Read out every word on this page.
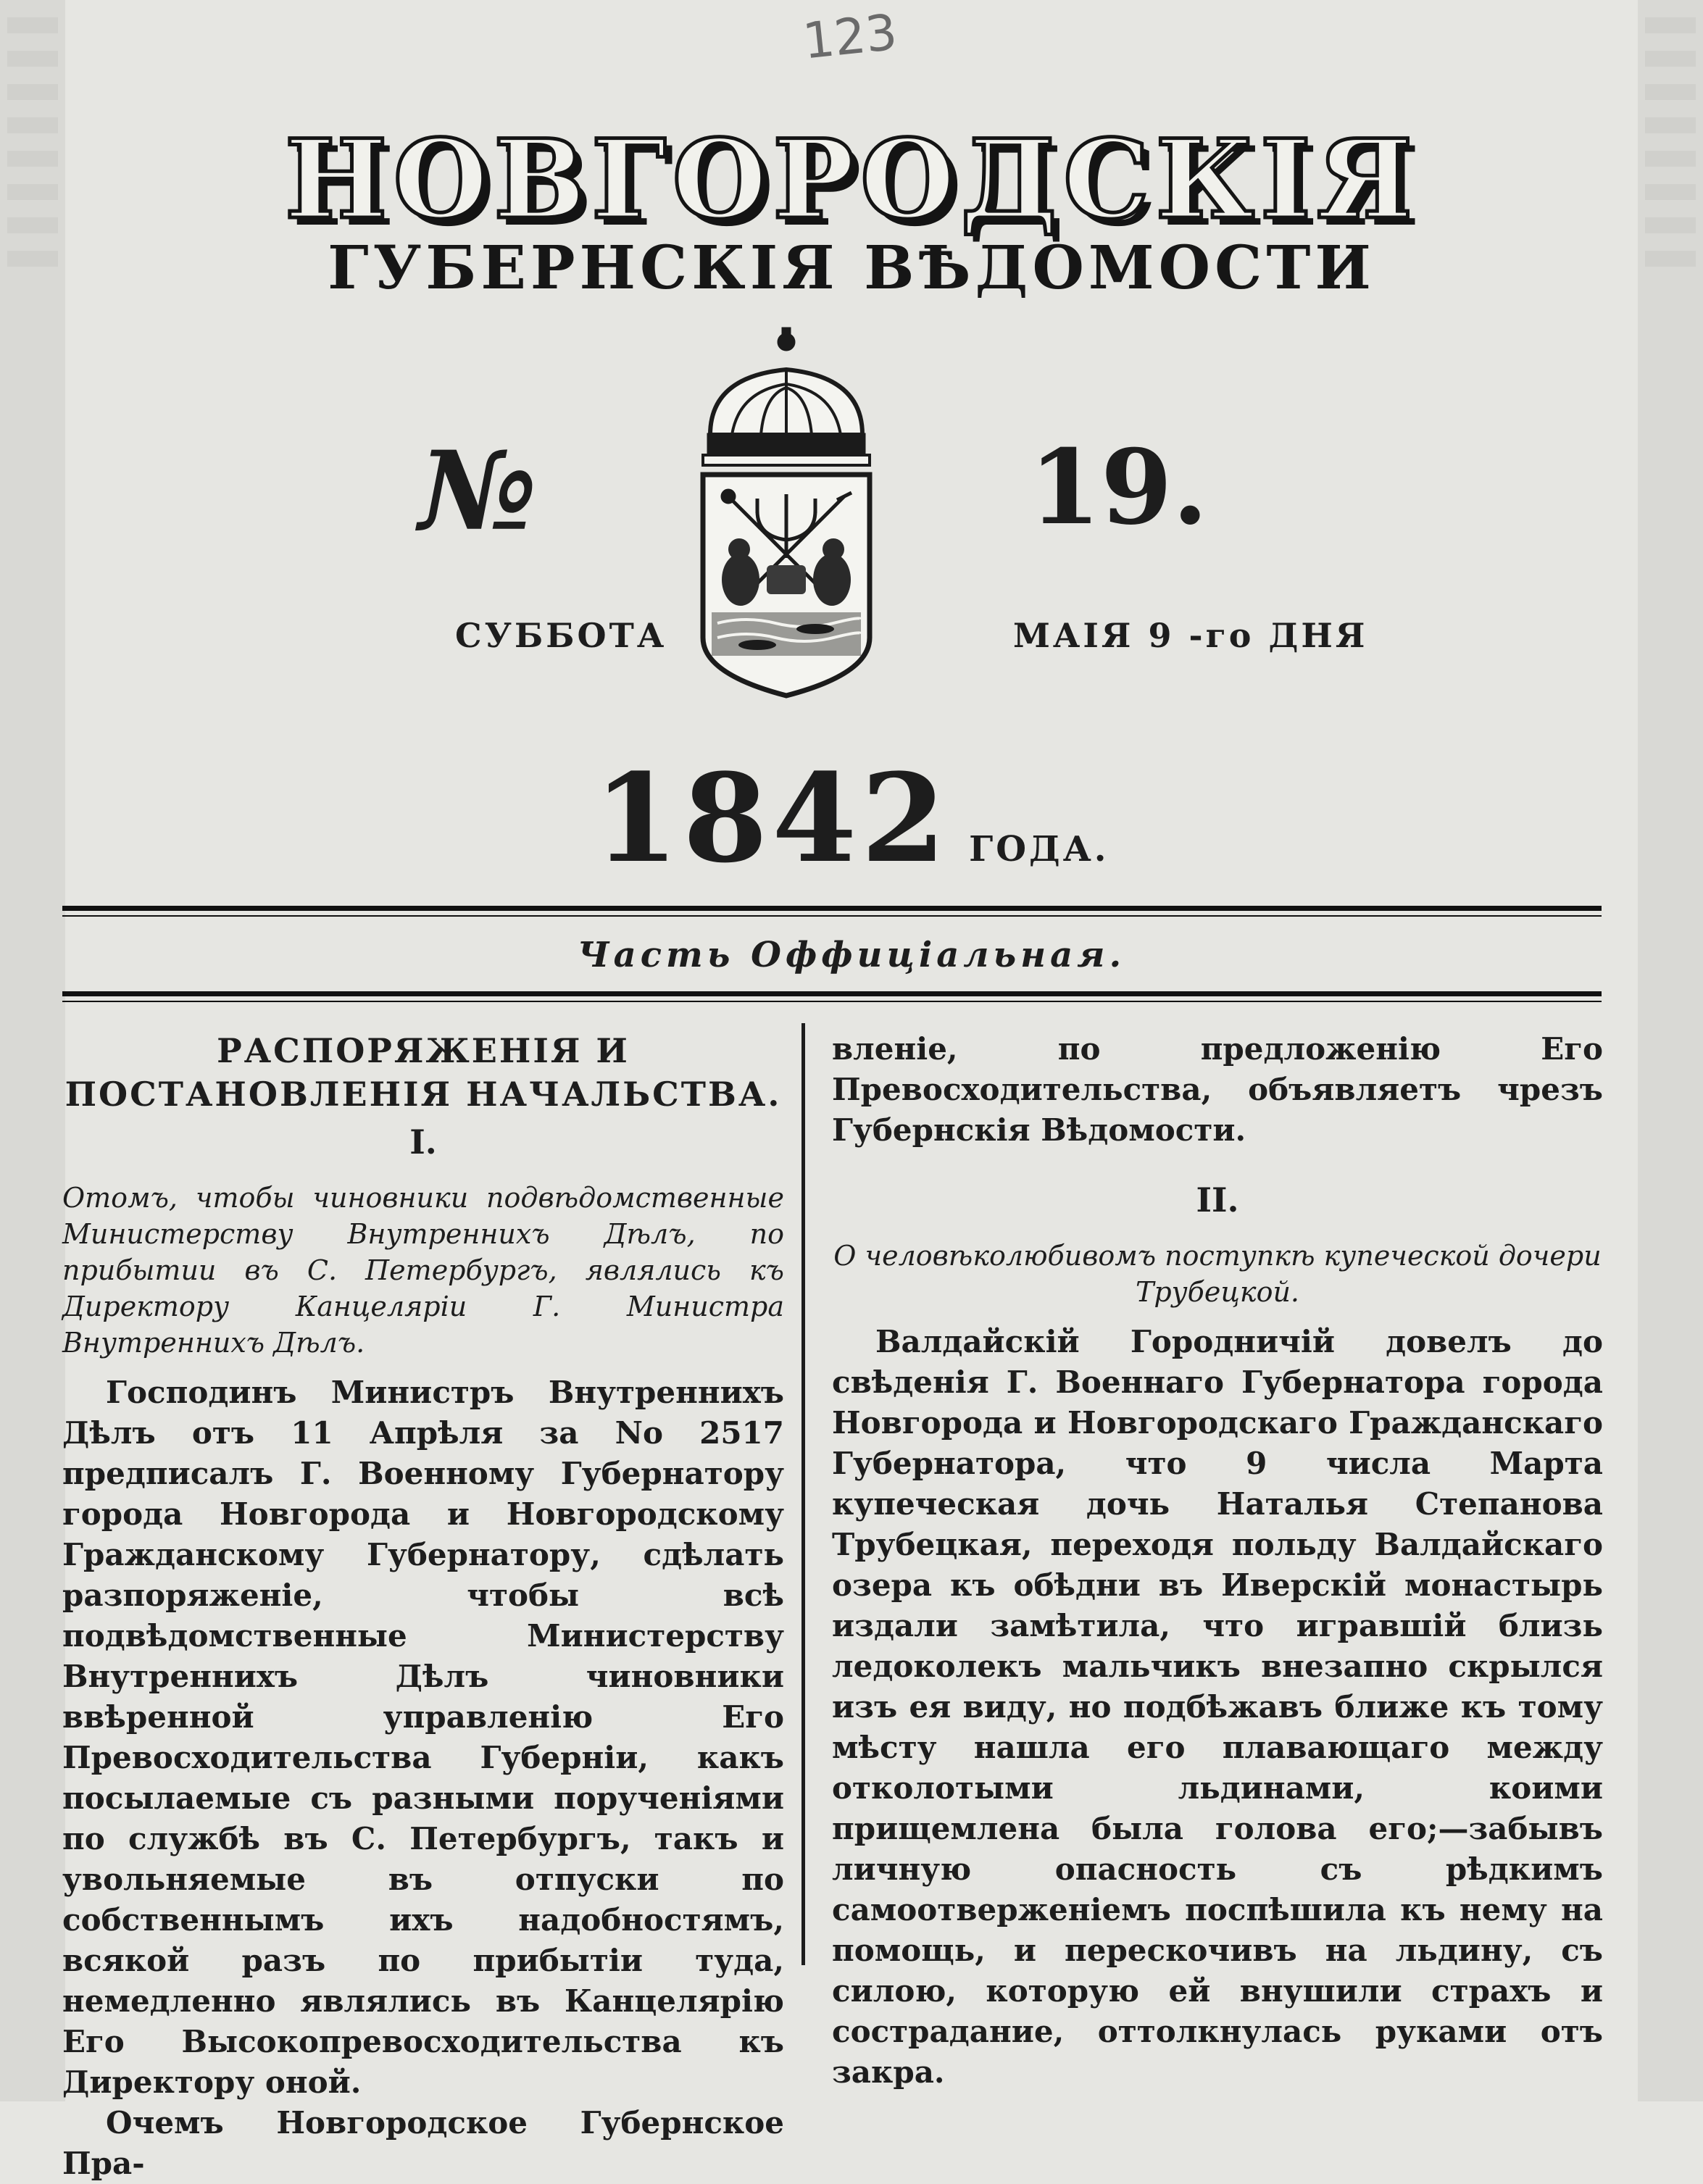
123
НОВГОРОДСКІЯ
ГУБЕРНСКІЯ ВѢДОМОСТИ
№	19.
СУББОТА	МАІЯ 9 -го ДНЯ
1842 ГОДА.
Часть Оффиціальная.

РАСПОРЯЖЕНІЯ И ПОСТАНОВЛЕНІЯ НАЧАЛЬСТВА.

I.

Отомъ, чтобы чиновники подвѣдомственные Министерству Внутреннихъ Дѣлъ, по прибытии въ С. Петербургъ, являлись къ Директору Канцеляріи Г. Министра Внутреннихъ Дѣлъ.

Господинъ Министръ Внутреннихъ Дѣлъ отъ 11 Апрѣля за No 2517 предписалъ Г. Военному Губернатору города Новгорода и Новгородскому Гражданскому Губернатору, сдѣлать разпоряженіе, чтобы всѣ подвѣдомственные Министерству Внутреннихъ Дѣлъ чиновники ввѣренной управленію Его Превосходительства Губерніи, какъ посылаемые съ разными порученіями по службѣ въ С. Петербургъ, такъ и увольняемые въ отпуски по собственнымъ ихъ надобностямъ, всякой разъ по прибытіи туда, немедленно являлись въ Канцелярію Его Высокопревосходительства къ Директору оной.

Очемъ Новгородское Губернское Пра-

вленіе, по предложенію Его Превосходительства, объявляетъ чрезъ Губернскія Вѣдомости.

II.

О человѣколюбивомъ поступкѣ купеческой дочери Трубецкой.

Валдайскій Городничій довелъ до свѣденія Г. Военнаго Губернатора города Новгорода и Новгородскаго Гражданскаго Губернатора, что 9 числа Марта купеческая дочь Наталья Степанова Трубецкая, переходя польду Валдайскаго озера къ обѣдни въ Иверскій монастырь издали замѣтила, что игравшій близь ледоколекъ мальчикъ внезапно скрылся изъ ея виду, но подбѣжавъ ближе къ тому мѣсту нашла его плавающаго между отколотыми льдинами, коими прищемлена была голова его;—забывъ личную опасность съ рѣдкимъ самоотверженіемъ поспѣшила къ нему на помощь, и перескочивъ на льдину, съ силою, которую ей внушили страхъ и сострадание, оттолкнулась руками отъ закра.
